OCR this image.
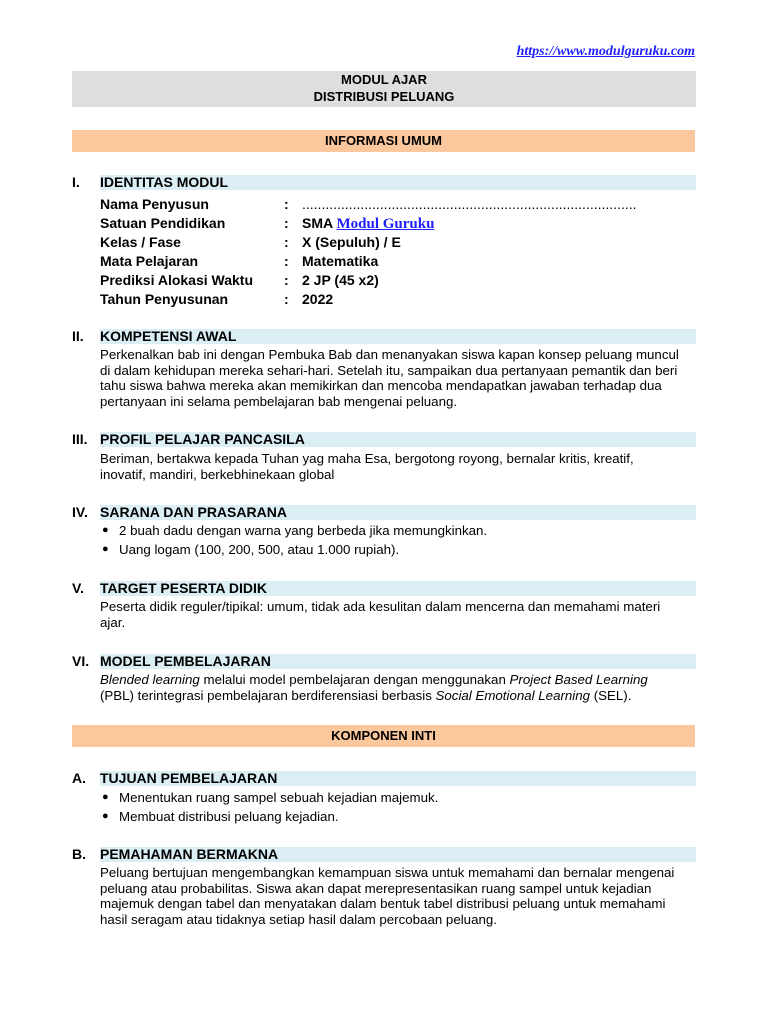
https://www.modulguruku.com
MODUL AJAR
DISTRIBUSI PELUANG
INFORMASI UMUM
I. IDENTITAS MODUL
Nama Penyusun	: ......................................................................................
Satuan Pendidikan	: SMA Modul Guruku
Kelas / Fase	: X (Sepuluh) / E
Mata Pelajaran	: Matematika
Prediksi Alokasi Waktu : 2 JP (45 x2)
Tahun Penyusunan	: 2022
II. KOMPETENSI AWAL
Perkenalkan bab ini dengan Pembuka Bab dan menanyakan siswa kapan konsep peluang muncul di dalam kehidupan mereka sehari-hari. Setelah itu, sampaikan dua pertanyaan pemantik dan beri tahu siswa bahwa mereka akan memikirkan dan mencoba mendapatkan jawaban terhadap dua pertanyaan ini selama pembelajaran bab mengenai peluang.
III. PROFIL PELAJAR PANCASILA
Beriman, bertakwa kepada Tuhan yag maha Esa, bergotong royong, bernalar kritis, kreatif, inovatif, mandiri, berkebhinekaan global
IV. SARANA DAN PRASARANA
● 2 buah dadu dengan warna yang berbeda jika memungkinkan.
● Uang logam (100, 200, 500, atau 1.000 rupiah).
V. TARGET PESERTA DIDIK
Peserta didik reguler/tipikal: umum, tidak ada kesulitan dalam mencerna dan memahami materi ajar.
VI. MODEL PEMBELAJARAN
Blended learning melalui model pembelajaran dengan menggunakan Project Based Learning (PBL) terintegrasi pembelajaran berdiferensiasi berbasis Social Emotional Learning (SEL).
KOMPONEN INTI
A. TUJUAN PEMBELAJARAN
● Menentukan ruang sampel sebuah kejadian majemuk.
● Membuat distribusi peluang kejadian.
B. PEMAHAMAN BERMAKNA
Peluang bertujuan mengembangkan kemampuan siswa untuk memahami dan bernalar mengenai peluang atau probabilitas. Siswa akan dapat merepresentasikan ruang sampel untuk kejadian majemuk dengan tabel dan menyatakan dalam bentuk tabel distribusi peluang untuk memahami hasil seragam atau tidaknya setiap hasil dalam percobaan peluang.
